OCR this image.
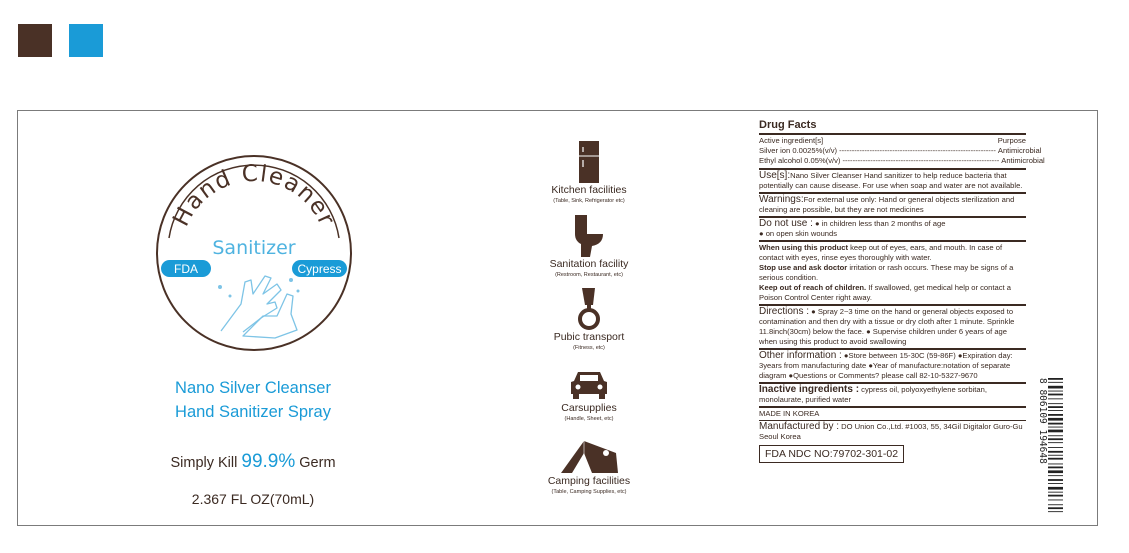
Hand Cleaner
Sanitizer
FDA	Cypress
Nano Silver Cleanser
Hand Sanitizer Spray
Simply Kill 99.9% Germ
2.367 FL OZ(70mL)
Kitchen facilities
(Table, Sink, Refrigerator etc)
Sanitation facility
(Restroom, Restaurant, etc)
Pubic transport
(Fitness, etc)
Carsupplies
(Handle, Sheet, etc)
Camping facilities
(Table, Camping Supplies, etc)
Drug Facts
Active ingredient[s]	Purpose
Silver ion 0.0025%(v/v) -------------------------------------------------------------- Antimicrobial
Ethyl alcohol 0.05%(v/v) -------------------------------------------------------------- Antimicrobial

Use[s]:Nano Silver Cleanser Hand sanitizer to help reduce bacteria that potentially can cause disease. For use when soap and water are not available.

Warnings:For external use only: Hand or general objects sterilization and cleaning are possible, but they are not medicines

Do not use : ● in children less than 2 months of age
● on open skin wounds

When using this product keep out of eyes, ears, and mouth. In case of contact with eyes, rinse eyes thoroughly with water.

Stop use and ask doctor irritation or rash occurs. These may be signs of a serious condition.

Keep out of reach of children. If swallowed, get medical help or contact a Poison Control Center right away.

Directions : ● Spray 2~3 time on the hand or general objects exposed to contamination and then dry with a tissue or dry cloth after 1 minute. Sprinkle 11.8inch(30cm) below the face. ● Supervise children under 6 years of age when using this product to avoid swallowing

Other information : ●Store between 15-30C (59-86F) ●Expiration day: 3years from manufacturing date ●Year of manufacture:notation of separate diagram ●Questions or Comments? please call 82-10-5327-9670

Inactive ingredients : cypress oil, polyoxyethylene sorbitan, monolaurate, purified water

MADE IN KOREA

Manufactured by : DO Union Co.,Ltd. #1003, 55, 34Gil Digitalor Guro-Gu Seoul Korea

FDA NDC NO:79702-301-02	8 806109 194648
